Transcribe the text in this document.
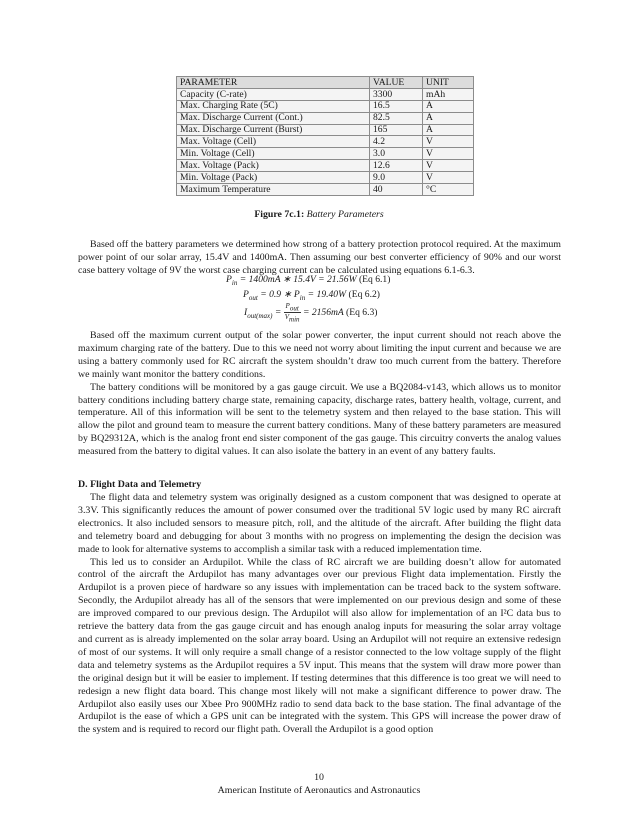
PARAMETER	VALUE	UNIT
Capacity (C-rate)	3300	mAh
Max. Charging Rate (5C)	16.5	A
Max. Discharge Current (Cont.)	82.5	A
Max. Discharge Current (Burst)	165	A
Max. Voltage (Cell)	4.2	V
Min. Voltage (Cell)	3.0	V
Max. Voltage (Pack)	12.6	V
Min. Voltage (Pack)	9.0	V
Maximum Temperature	40	°C
Figure 7c.1: Battery Parameters

Based off the battery parameters we determined how strong of a battery protection protocol required. At the maximum power point of our solar array, 15.4V and 1400mA. Then assuming our best converter efficiency of 90% and our worst case battery voltage of 9V the worst case charging current can be calculated using equations 6.1-6.3.

$P_{in} = 1400mA$ ∗ 15.4V = 21.56W (Eq 6.1)
$P_{out} = 0.9$ ∗ $P_{in} = 19.40W$ (Eq 6.2)
$I_{out(max)} = \frac{P_{out}}{V_{min}} = 2156mA$ (Eq 6.3)

Based off the maximum current output of the solar power converter, the input current should not reach above the maximum charging rate of the battery. Due to this we need not worry about limiting the input current and because we are using a battery commonly used for RC aircraft the system shouldn’t draw too much current from the battery. Therefore we mainly want monitor the battery conditions.

The battery conditions will be monitored by a gas gauge circuit. We use a BQ2084-v143, which allows us to monitor battery conditions including battery charge state, remaining capacity, discharge rates, battery health, voltage, current, and temperature. All of this information will be sent to the telemetry system and then relayed to the base station. This will allow the pilot and ground team to measure the current battery conditions. Many of these battery parameters are measured by BQ29312A, which is the analog front end sister component of the gas gauge. This circuitry converts the analog values measured from the battery to digital values. It can also isolate the battery in an event of any battery faults.

D. Flight Data and Telemetry

The flight data and telemetry system was originally designed as a custom component that was designed to operate at 3.3V. This significantly reduces the amount of power consumed over the traditional 5V logic used by many RC aircraft electronics. It also included sensors to measure pitch, roll, and the altitude of the aircraft. After building the flight data and telemetry board and debugging for about 3 months with no progress on implementing the design the decision was made to look for alternative systems to accomplish a similar task with a reduced implementation time.

This led us to consider an Ardupilot. While the class of RC aircraft we are building doesn’t allow for automated control of the aircraft the Ardupilot has many advantages over our previous Flight data implementation. Firstly the Ardupilot is a proven piece of hardware so any issues with implementation can be traced back to the system software. Secondly, the Ardupilot already has all of the sensors that were implemented on our previous design and some of these are improved compared to our previous design. The Ardupilot will also allow for implementation of an I²C data bus to retrieve the battery data from the gas gauge circuit and has enough analog inputs for measuring the solar array voltage and current as is already implemented on the solar array board. Using an Ardupilot will not require an extensive redesign of most of our systems. It will only require a small change of a resistor connected to the low voltage supply of the flight data and telemetry systems as the Ardupilot requires a 5V input. This means that the system will draw more power than the original design but it will be easier to implement. If testing determines that this difference is too great we will need to redesign a new flight data board. This change most likely will not make a significant difference to power draw. The Ardupilot also easily uses our Xbee Pro 900MHz radio to send data back to the base station. The final advantage of the Ardupilot is the ease of which a GPS unit can be integrated with the system. This GPS will increase the power draw of the system and is required to record our flight path. Overall the Ardupilot is a good option

10
American Institute of Aeronautics and Astronautics
